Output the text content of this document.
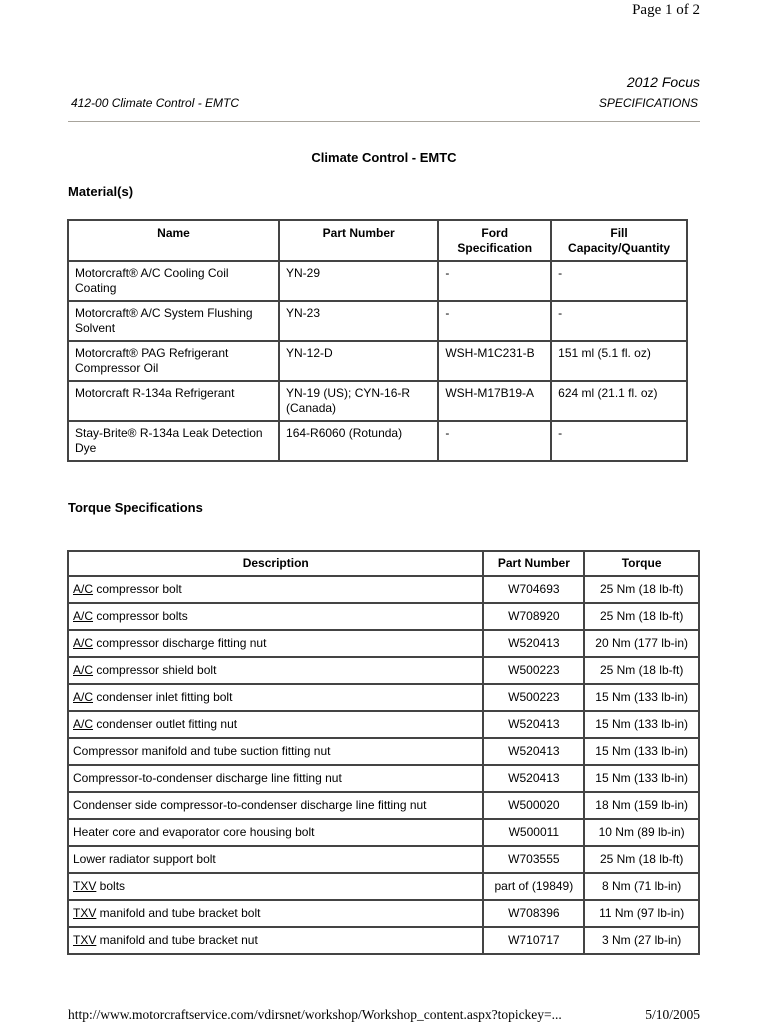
Page 1 of 2
2012 Focus
412-00 Climate Control - EMTC	SPECIFICATIONS
Climate Control - EMTC
Material(s)
Name	Part Number	Ford Specification	Fill Capacity/Quantity
Motorcraft® A/C Cooling Coil Coating	YN-29	-	-
Motorcraft® A/C System Flushing Solvent	YN-23	-	-
Motorcraft® PAG Refrigerant Compressor Oil	YN-12-D	WSH-M1C231-B	151 ml (5.1 fl. oz)
Motorcraft R-134a Refrigerant	YN-19 (US); CYN-16-R (Canada)	WSH-M17B19-A	624 ml (21.1 fl. oz)
Stay-Brite® R-134a Leak Detection Dye	164-R6060 (Rotunda)	-	-
Torque Specifications
Description	Part Number	Torque
A/C compressor bolt	W704693	25 Nm (18 lb-ft)
A/C compressor bolts	W708920	25 Nm (18 lb-ft)
A/C compressor discharge fitting nut	W520413	20 Nm (177 lb-in)
A/C compressor shield bolt	W500223	25 Nm (18 lb-ft)
A/C condenser inlet fitting bolt	W500223	15 Nm (133 lb-in)
A/C condenser outlet fitting nut	W520413	15 Nm (133 lb-in)
Compressor manifold and tube suction fitting nut	W520413	15 Nm (133 lb-in)
Compressor-to-condenser discharge line fitting nut	W520413	15 Nm (133 lb-in)
Condenser side compressor-to-condenser discharge line fitting nut	W500020	18 Nm (159 lb-in)
Heater core and evaporator core housing bolt	W500011	10 Nm (89 lb-in)
Lower radiator support bolt	W703555	25 Nm (18 lb-ft)
TXV bolts	part of (19849)	8 Nm (71 lb-in)
TXV manifold and tube bracket bolt	W708396	11 Nm (97 lb-in)
TXV manifold and tube bracket nut	W710717	3 Nm (27 lb-in)
http://www.motorcraftservice.com/vdirsnet/workshop/Workshop_content.aspx?topickey=...	5/10/2005
